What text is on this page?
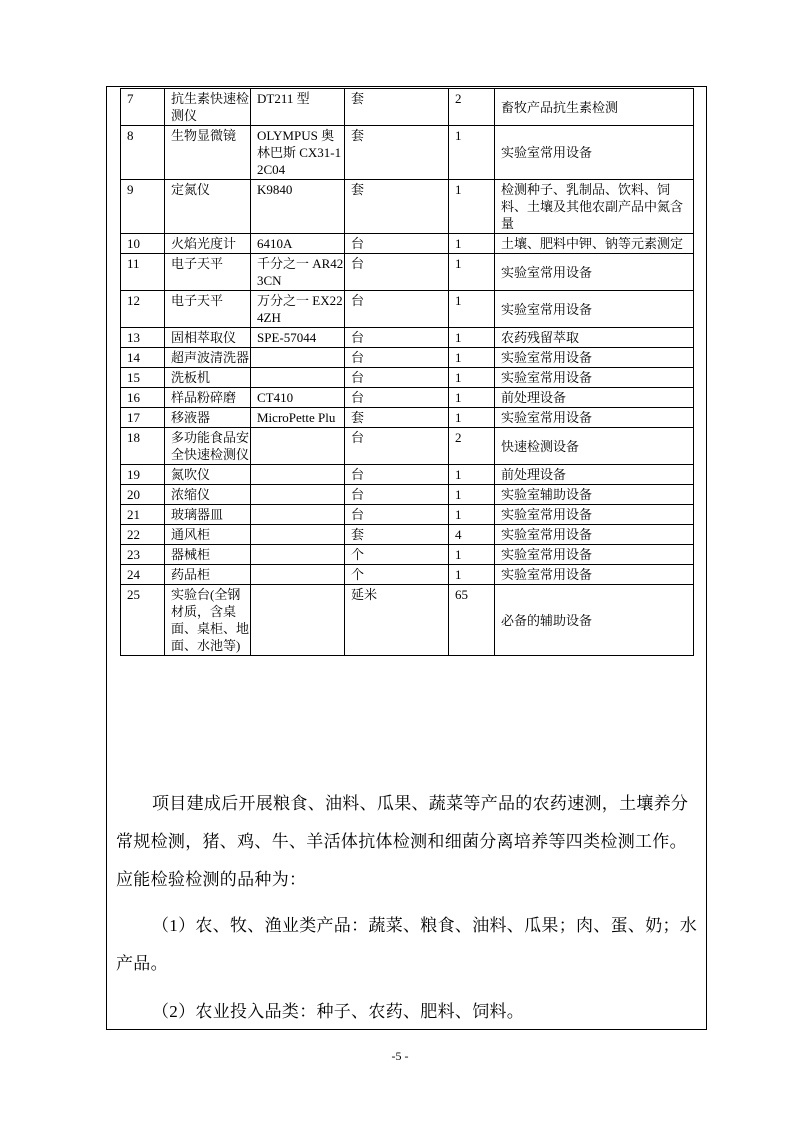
7	抗生素快速检测仪	DT211 型	套	2	畜牧产品抗生素检测
8	生物显微镜	OLYMPUS 奥林巴斯 CX31-12C04	套	1	实验室常用设备
9	定氮仪	K9840	套	1	检测种子、乳制品、饮料、饲料、土壤及其他农副产品中氮含量
10	火焰光度计	6410A	台	1	土壤、肥料中钾、钠等元素测定
11	电子天平	千分之一 AR423CN	台	1	实验室常用设备
12	电子天平	万分之一 EX224ZH	台	1	实验室常用设备
13	固相萃取仪	SPE-57044	台	1	农药残留萃取
14	超声波清洗器		台	1	实验室常用设备
15	洗板机		台	1	实验室常用设备
16	样品粉碎磨	CT410	台	1	前处理设备
17	移液器	MicroPette Plu	套	1	实验室常用设备
18	多功能食品安全快速检测仪		台	2	快速检测设备
19	氮吹仪		台	1	前处理设备
20	浓缩仪		台	1	实验室辅助设备
21	玻璃器皿		台	1	实验室常用设备
22	通风柜		套	4	实验室常用设备
23	器械柜		个	1	实验室常用设备
24	药品柜		个	1	实验室常用设备
25	实验台(全钢材质，含桌面、桌柜、地面、水池等)		延米	65	必备的辅助设备
项目建成后开展粮食、油料、瓜果、蔬菜等产品的农药速测，土壤养分常规检测，猪、鸡、牛、羊活体抗体检测和细菌分离培养等四类检测工作。应能检验检测的品种为：
（1）农、牧、渔业类产品：蔬菜、粮食、油料、瓜果；肉、蛋、奶；水产品。
（2）农业投入品类：种子、农药、肥料、饲料。
-5 -
